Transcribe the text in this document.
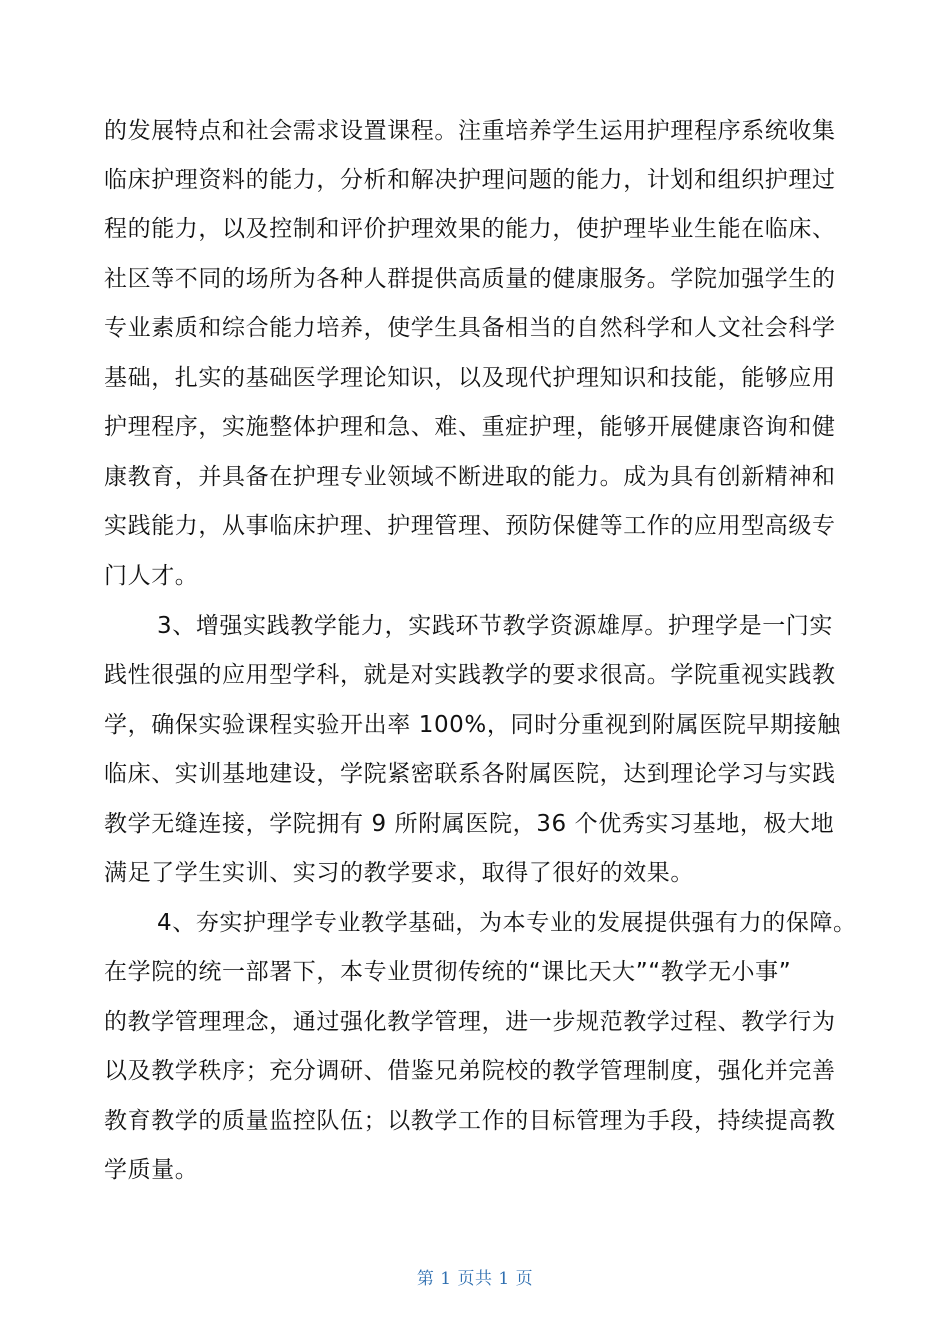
的发展特点和社会需求设置课程。注重培养学生运用护理程序系统收集
临床护理资料的能力，分析和解决护理问题的能力，计划和组织护理过
程的能力，以及控制和评价护理效果的能力，使护理毕业生能在临床、
社区等不同的场所为各种人群提供高质量的健康服务。学院加强学生的
专业素质和综合能力培养，使学生具备相当的自然科学和人文社会科学
基础，扎实的基础医学理论知识，以及现代护理知识和技能，能够应用
护理程序，实施整体护理和急、难、重症护理，能够开展健康咨询和健
康教育，并具备在护理专业领域不断进取的能力。成为具有创新精神和
实践能力，从事临床护理、护理管理、预防保健等工作的应用型高级专
门人才。
3、增强实践教学能力，实践环节教学资源雄厚。护理学是一门实
践性很强的应用型学科，就是对实践教学的要求很高。学院重视实践教
学，确保实验课程实验开出率 100%，同时分重视到附属医院早期接触
临床、实训基地建设，学院紧密联系各附属医院，达到理论学习与实践
教学无缝连接，学院拥有 9 所附属医院，36 个优秀实习基地，极大地
满足了学生实训、实习的教学要求，取得了很好的效果。
4、夯实护理学专业教学基础，为本专业的发展提供强有力的保障。
在学院的统一部署下，本专业贯彻传统的“课比天大”“教学无小事”
的教学管理理念，通过强化教学管理，进一步规范教学过程、教学行为
以及教学秩序；充分调研、借鉴兄弟院校的教学管理制度，强化并完善
教育教学的质量监控队伍；以教学工作的目标管理为手段，持续提高教
学质量。
第 1 页共 1 页
